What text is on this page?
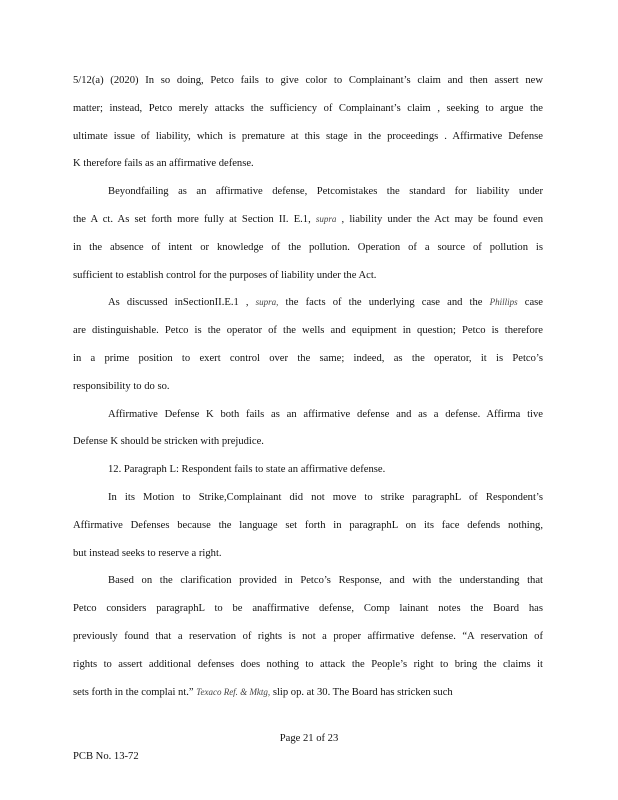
5/12(a) (2020) In so doing, Petco fails to give color to Complainant’s claim and then assert new
matter; instead, Petco merely attacks the sufficiency of Complainant’s claim , seeking to argue the
ultimate issue of liability, which is premature at this stage in the proceedings . Affirmative Defense
K therefore fails as an affirmative defense.
Beyondfailing as an affirmative defense, Petcomistakes the standard for liability under
the A ct. As set forth more fully at Section II. E.1, supra , liability under the Act may be found even
in the absence of intent or knowledge of the pollution. Operation of a source of pollution is
sufficient to establish control for the purposes of liability under the Act.
As discussed inSectionII.E.1 , supra, the facts of the underlying case and the Phillips case
are distinguishable. Petco is the operator of the wells and equipment in question; Petco is therefore
in a prime position to exert control over the same; indeed, as the operator, it is Petco’s
responsibility to do so.
Affirmative Defense K both fails as an affirmative defense and as a defense. Affirma tive
Defense K should be stricken with prejudice.
12. Paragraph L: Respondent fails to state an affirmative defense.
In its Motion to Strike,Complainant did not move to strike paragraphL of Respondent’s
Affirmative Defenses because the language set forth in paragraphL on its face defends nothing,
but instead seeks to reserve a right.
Based on the clarification provided in Petco’s Response, and with the understanding that
Petco considers paragraphL to be anaffirmative defense, Comp lainant notes the Board has
previously found that a reservation of rights is not a proper affirmative defense. “A reservation of
rights to assert additional defenses does nothing to attack the People’s right to bring the claims it
sets forth in the complai nt.” Texaco Ref. & Mktg, slip op. at 30. The Board has stricken such
Page 21 of 23
PCB No. 13-72
